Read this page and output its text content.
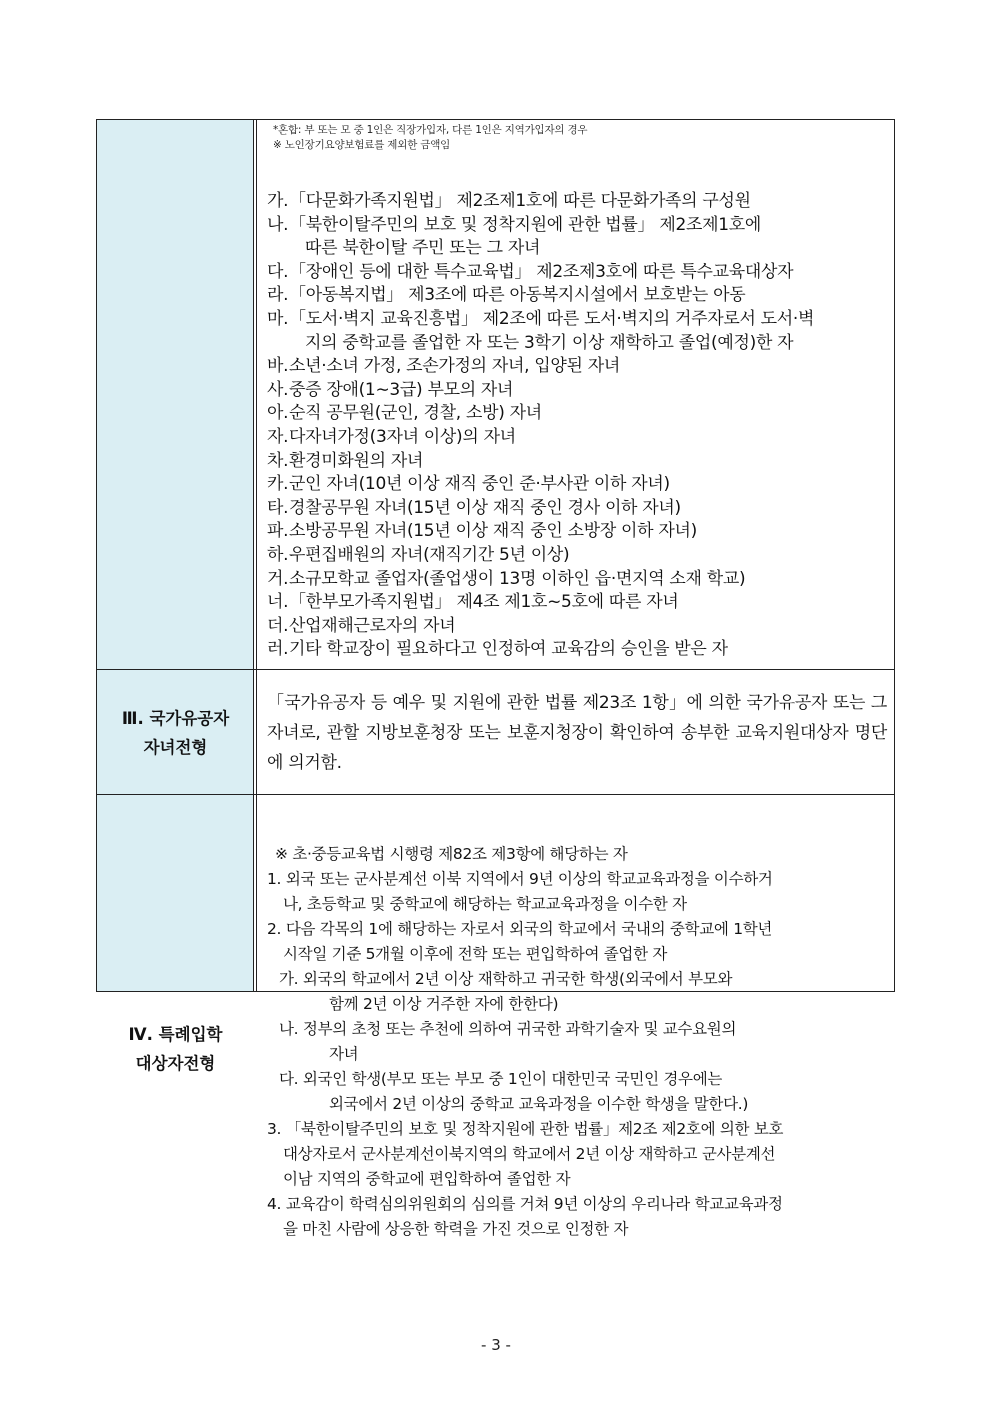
*혼합: 부 또는 모 중 1인은 직장가입자, 다른 1인은 지역가입자의 경우
※ 노인장기요양보험료를 제외한 금액임
가.「다문화가족지원법」 제2조제1호에 따른 다문화가족의 구성원
나.「북한이탈주민의 보호 및 정착지원에 관한 법률」 제2조제1호에
따른 북한이탈 주민 또는 그 자녀
다.「장애인 등에 대한 특수교육법」 제2조제3호에 따른 특수교육대상자
라.「아동복지법」 제3조에 따른 아동복지시설에서 보호받는 아동
마.「도서·벽지 교육진흥법」 제2조에 따른 도서·벽지의 거주자로서 도서·벽
지의 중학교를 졸업한 자 또는 3학기 이상 재학하고 졸업(예정)한 자
바.소년·소녀 가정, 조손가정의 자녀, 입양된 자녀
사.중증 장애(1∼3급) 부모의 자녀
아.순직 공무원(군인, 경찰, 소방) 자녀
자.다자녀가정(3자녀 이상)의 자녀
차.환경미화원의 자녀
카.군인 자녀(10년 이상 재직 중인 준·부사관 이하 자녀)
타.경찰공무원 자녀(15년 이상 재직 중인 경사 이하 자녀)
파.소방공무원 자녀(15년 이상 재직 중인 소방장 이하 자녀)
하.우편집배원의 자녀(재직기간 5년 이상)
거.소규모학교 졸업자(졸업생이 13명 이하인 읍·면지역 소재 학교)
너.「한부모가족지원법」 제4조 제1호~5호에 따른 자녀
더.산업재해근로자의 자녀
러.기타 학교장이 필요하다고 인정하여 교육감의 승인을 받은 자
Ⅲ. 국가유공자
자녀전형
「국가유공자 등 예우 및 지원에 관한 법률 제23조 1항」에 의한 국가유공자 또는 그 자녀로, 관할 지방보훈청장 또는 보훈지청장이 확인하여 송부한 교육지원대상자 명단에 의거함.
Ⅳ. 특례입학
대상자전형
※ 초·중등교육법 시행령 제82조 제3항에 해당하는 자
1. 외국 또는 군사분계선 이북 지역에서 9년 이상의 학교교육과정을 이수하거
나, 초등학교 및 중학교에 해당하는 학교교육과정을 이수한 자
2. 다음 각목의 1에 해당하는 자로서 외국의 학교에서 국내의 중학교에 1학년
시작일 기준 5개월 이후에 전학 또는 편입학하여 졸업한 자
가. 외국의 학교에서 2년 이상 재학하고 귀국한 학생(외국에서 부모와
함께 2년 이상 거주한 자에 한한다)
나. 정부의 초청 또는 추천에 의하여 귀국한 과학기술자 및 교수요원의
자녀
다. 외국인 학생(부모 또는 부모 중 1인이 대한민국 국민인 경우에는
외국에서 2년 이상의 중학교 교육과정을 이수한 학생을 말한다.)
3. 「북한이탈주민의 보호 및 정착지원에 관한 법률」제2조 제2호에 의한 보호
대상자로서 군사분계선이북지역의 학교에서 2년 이상 재학하고 군사분계선
이남 지역의 중학교에 편입학하여 졸업한 자
4. 교육감이 학력심의위원회의 심의를 거쳐 9년 이상의 우리나라 학교교육과정
을 마친 사람에 상응한 학력을 가진 것으로 인정한 자
- 3 -
